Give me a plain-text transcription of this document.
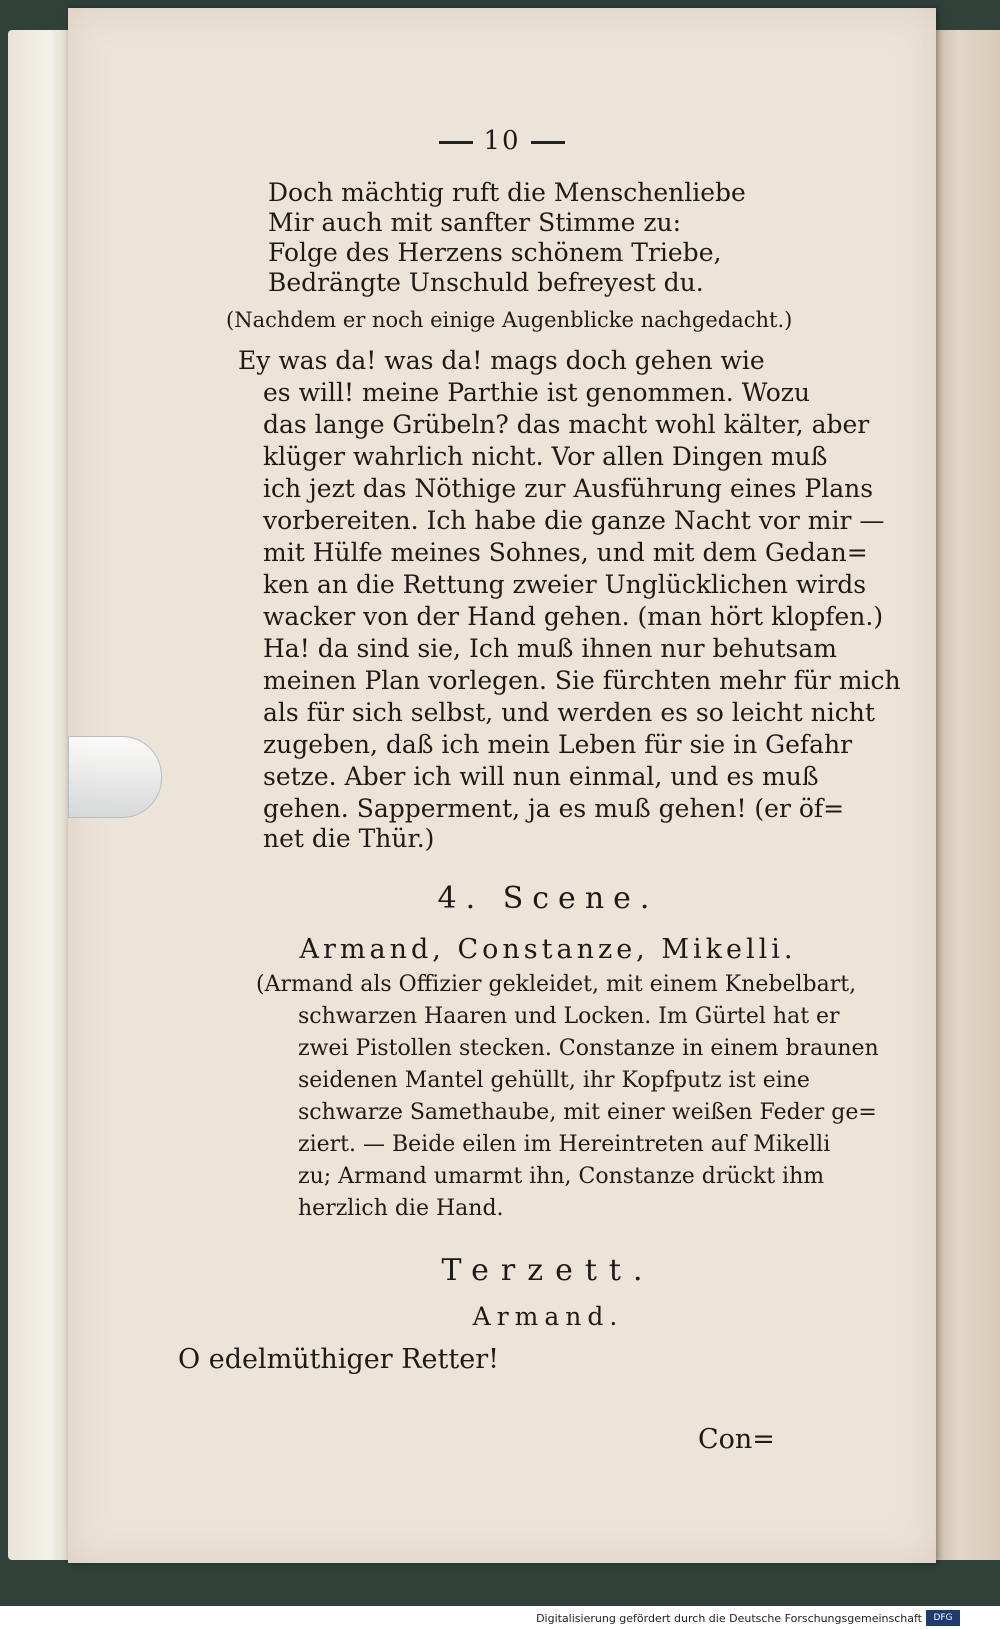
10
Doch mächtig ruft die Menschenliebe
Mir auch mit sanfter Stimme zu:
Folge des Herzens schönem Triebe,
Bedrängte Unschuld befreyest du.
(Nachdem er noch einige Augenblicke nachgedacht.)
Ey was da! was da! mags doch gehen wie
es will! meine Parthie ist genommen. Wozu
das lange Grübeln? das macht wohl kälter, aber
klüger wahrlich nicht. Vor allen Dingen muß
ich jezt das Nöthige zur Ausführung eines Plans
vorbereiten. Ich habe die ganze Nacht vor mir —
mit Hülfe meines Sohnes, und mit dem Gedan=
ken an die Rettung zweier Unglücklichen wirds
wacker von der Hand gehen. (man hört klopfen.)
Ha! da sind sie, Ich muß ihnen nur behutsam
meinen Plan vorlegen. Sie fürchten mehr für mich
als für sich selbst, und werden es so leicht nicht
zugeben, daß ich mein Leben für sie in Gefahr
setze. Aber ich will nun einmal, und es muß
gehen. Sapperment, ja es muß gehen! (er öf=
net die Thür.)
4. Scene.
Armand, Constanze, Mikelli.
(Armand als Offizier gekleidet, mit einem Knebelbart,
schwarzen Haaren und Locken. Im Gürtel hat er
zwei Pistollen stecken. Constanze in einem braunen
seidenen Mantel gehüllt, ihr Kopfputz ist eine
schwarze Samethaube, mit einer weißen Feder ge=
ziert. — Beide eilen im Hereintreten auf Mikelli
zu; Armand umarmt ihn, Constanze drückt ihm
herzlich die Hand.
Terzett.
Armand.
O edelmüthiger Retter!
Con=
Digitalisierung gefördert durch die Deutsche Forschungsgemeinschaft	DFG
